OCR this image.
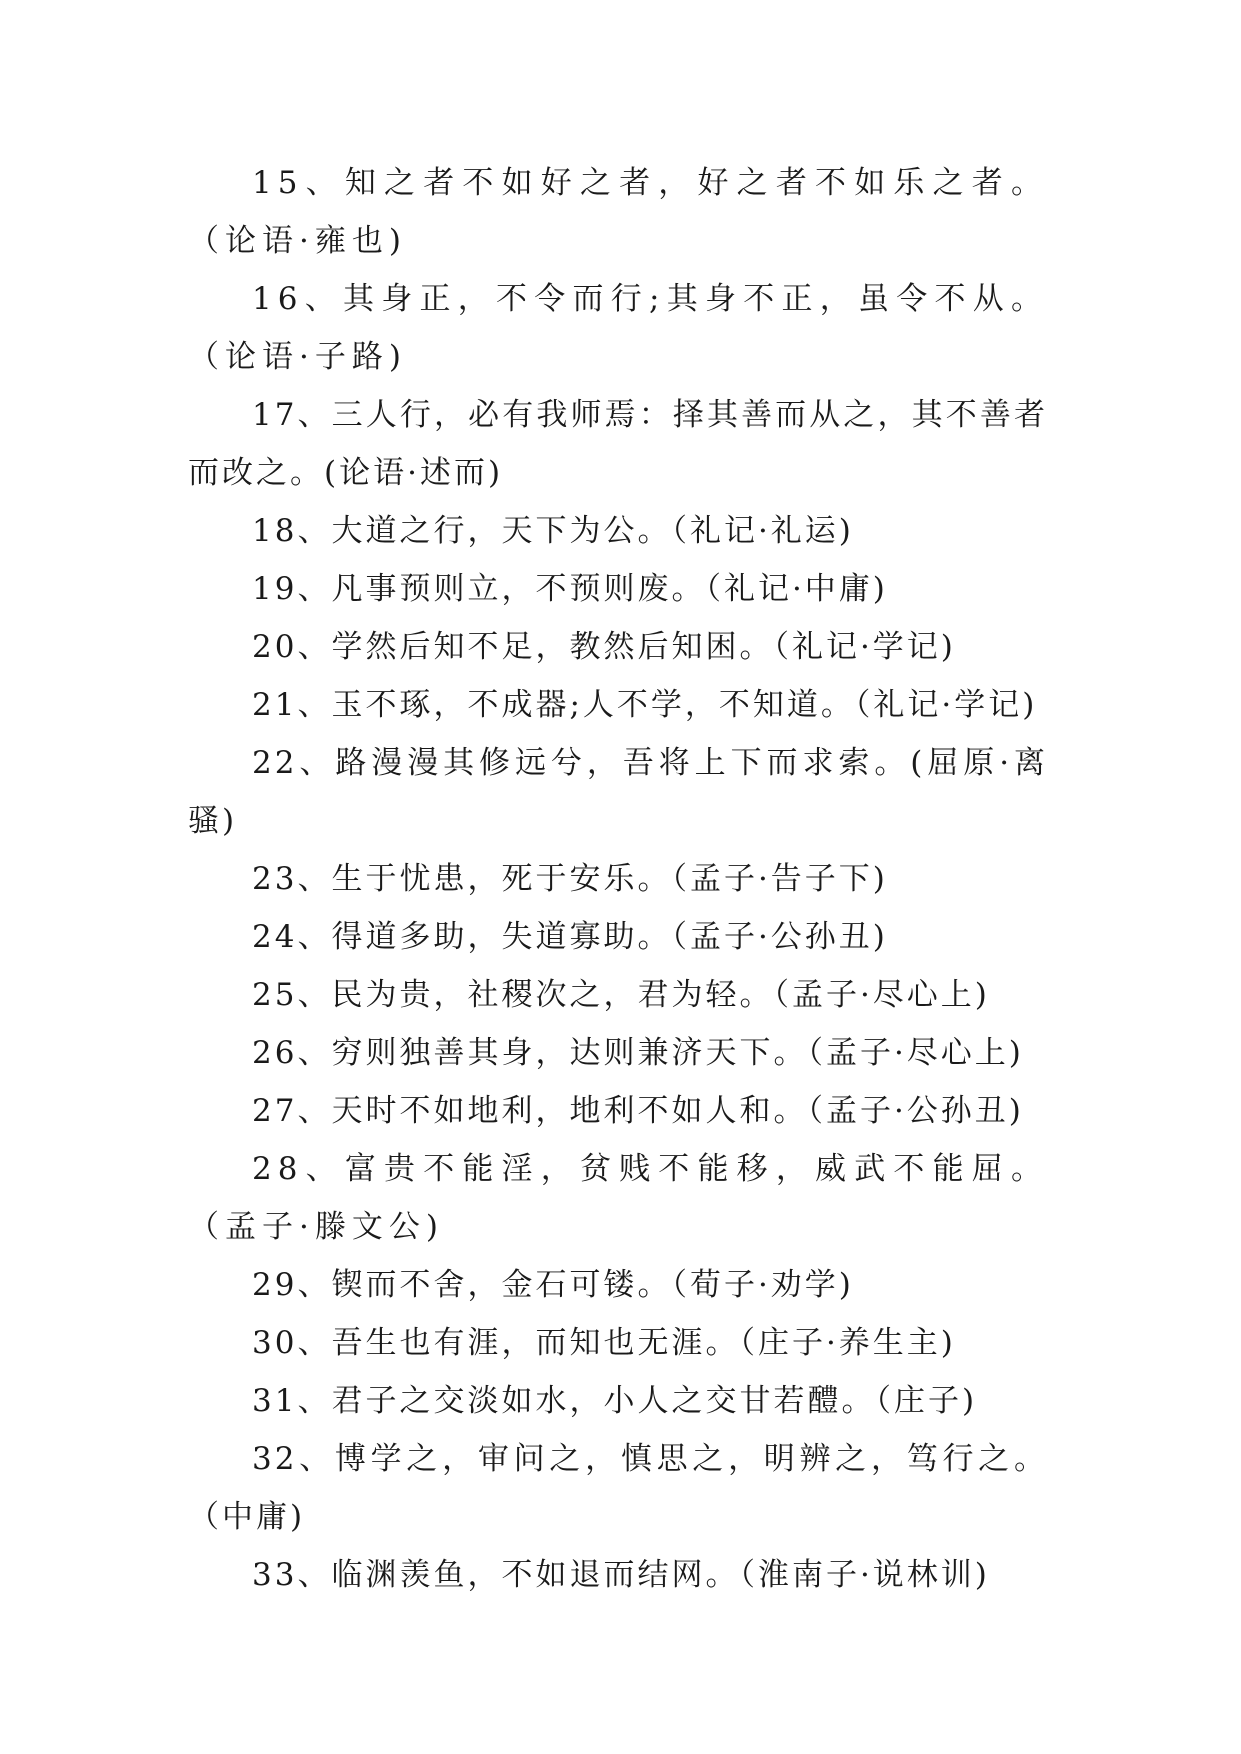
15、知之者不如好之者，好之者不如乐之者。（论语·雍也)

16、其身正，不令而行;其身不正，虽令不从。（论语·子路)

17、三人行，必有我师焉：择其善而从之，其不善者而改之。(论语·述而)

18、大道之行，天下为公。（礼记·礼运)

19、凡事预则立，不预则废。（礼记·中庸)

20、学然后知不足，教然后知困。（礼记·学记)

21、玉不琢，不成器;人不学，不知道。（礼记·学记)

22、路漫漫其修远兮，吾将上下而求索。(屈原·离骚)

23、生于忧患，死于安乐。（孟子·告子下)

24、得道多助，失道寡助。（孟子·公孙丑)

25、民为贵，社稷次之，君为轻。（孟子·尽心上)

26、穷则独善其身，达则兼济天下。（孟子·尽心上)

27、天时不如地利，地利不如人和。（孟子·公孙丑)

28、富贵不能淫，贫贱不能移，威武不能屈。（孟子·滕文公)

29、锲而不舍，金石可镂。（荀子·劝学)

30、吾生也有涯，而知也无涯。（庄子·养生主)

31、君子之交淡如水，小人之交甘若醴。（庄子)

32、博学之，审问之，慎思之，明辨之，笃行之。（中庸)

33、临渊羡鱼，不如退而结网。（淮南子·说林训)
